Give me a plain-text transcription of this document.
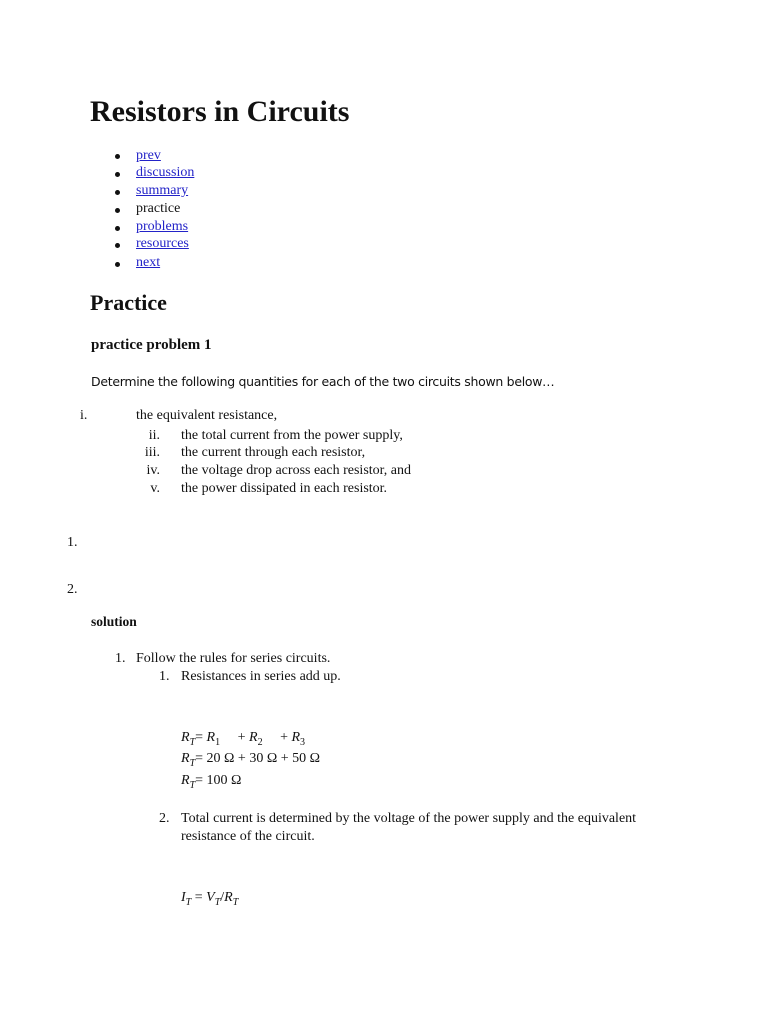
Resistors in Circuits
prev
discussion
summary
practice
problems
resources
next
Practice
practice problem 1
Determine the following quantities for each of the two circuits shown below…
i.	the equivalent resistance,
ii. the total current from the power supply,
iii. the current through each resistor,
iv. the voltage drop across each resistor, and
v. the power dissipated in each resistor.
1.
2.
solution
1. Follow the rules for series circuits.
1. Resistances in series add up.
$R_T= R_1 + R_2 + R_3$
$R_T= 20$ Ω + 30 Ω + 50 Ω
$R_T= 100$ Ω
2. Total current is determined by the voltage of the power supply and the equivalent
resistance of the circuit.
$I_T = V_T/R_T$
